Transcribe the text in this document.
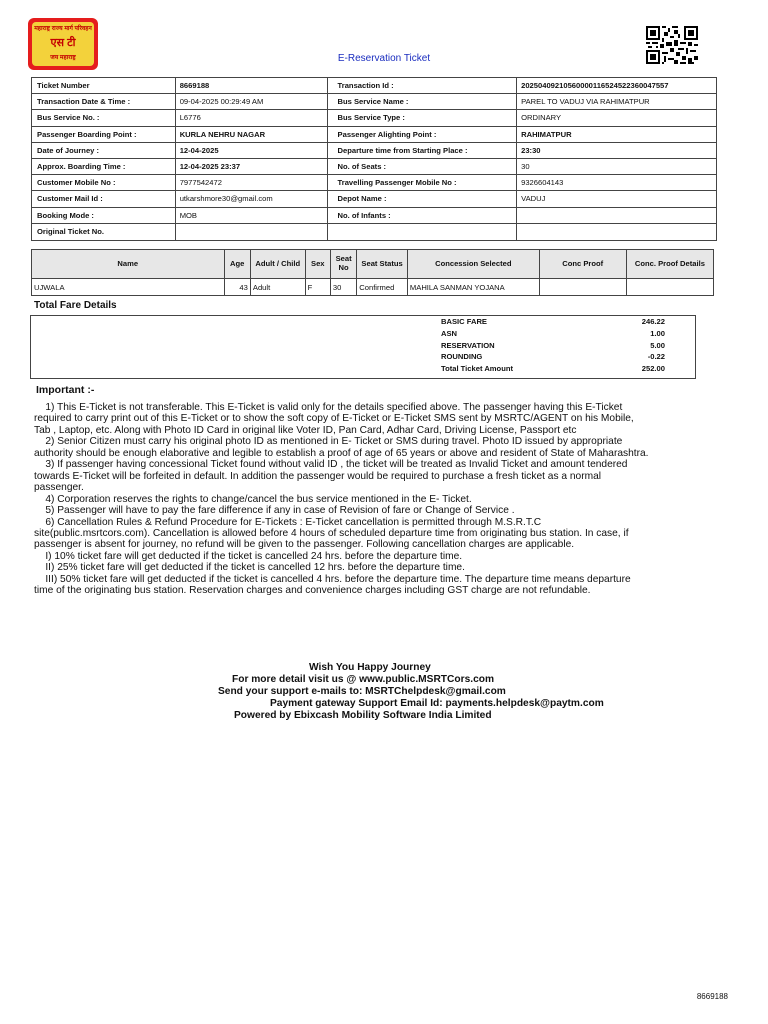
महाराष्ट्र राज्य मार्ग परिवहन
एस टी
जय महाराष्ट्र	E-Reservation Ticket
Ticket Number	8669188	Transaction Id :	20250409210560000116524522360047557
Transaction Date & Time :	09-04-2025 00:29:49 AM	Bus Service Name :	PAREL TO VADUJ VIA RAHIMATPUR
Bus Service No. :	L6776	Bus Service Type :	ORDINARY
Passenger Boarding Point :	KURLA NEHRU NAGAR	Passenger Alighting Point :	RAHIMATPUR
Date of Journey :	12-04-2025	Departure time from Starting Place :	23:30
Approx. Boarding Time :	12-04-2025 23:37	No. of Seats :	30
Customer Mobile No :	7977542472	Travelling Passenger Mobile No :	9326604143
Customer Mail Id :	utkarshmore30@gmail.com	Depot Name :	VADUJ
Booking Mode :	MOB	No. of Infants :	
Original Ticket No.			
Name	Age	Adult / Child	Sex	Seat No	Seat Status	Concession Selected	Conc Proof	Conc. Proof Details
UJWALA	43	Adult	F	30	Confirmed	MAHILA SANMAN YOJANA		
Total Fare Details
BASIC FARE	246.22
ASN	1.00
RESERVATION	5.00
ROUNDING	-0.22
Total Ticket Amount	252.00
Important :-

1) This E-Ticket is not transferable. This E-Ticket is valid only for the details specified above. The passenger having this E-Ticket required to carry print out of this E-Ticket or to show the soft copy of E-Ticket or E-Ticket SMS sent by MSRTC/AGENT on his Mobile, Tab , Laptop, etc. Along with Photo ID Card in original like Voter ID, Pan Card, Adhar Card, Driving License, Passport etc

2) Senior Citizen must carry his original photo ID as mentioned in E- Ticket or SMS during travel. Photo ID issued by appropriate authority should be enough elaborative and legible to establish a proof of age of 65 years or above and resident of State of Maharashtra.

3) If passenger having concessional Ticket found without valid ID , the ticket will be treated as Invalid Ticket and amount tendered towards E-Ticket will be forfeited in default. In addition the passenger would be required to purchase a fresh ticket as a normal passenger.

4) Corporation reserves the rights to change/cancel the bus service mentioned in the E- Ticket.

5) Passenger will have to pay the fare difference if any in case of Revision of fare or Change of Service .

6) Cancellation Rules & Refund Procedure for E-Tickets : E-Ticket cancellation is permitted through M.S.R.T.C site(public.msrtcors.com). Cancellation is allowed before 4 hours of scheduled departure time from originating bus station. In case, if passenger is absent for journey, no refund will be given to the passenger. Following cancellation charges are applicable.

I) 10% ticket fare will get deducted if the ticket is cancelled 24 hrs. before the departure time.

II) 25% ticket fare will get deducted if the ticket is cancelled 12 hrs. before the departure time.

III) 50% ticket fare will get deducted if the ticket is cancelled 4 hrs. before the departure time. The departure time means departure time of the originating bus station. Reservation charges and convenience charges including GST charge are not refundable.

Wish You Happy Journey
For more detail visit us @ www.public.MSRTCors.com
Send your support e-mails to: MSRTChelpdesk@gmail.com
Payment gateway Support Email Id: payments.helpdesk@paytm.com
Powered by Ebixcash Mobility Software India Limited
8669188
